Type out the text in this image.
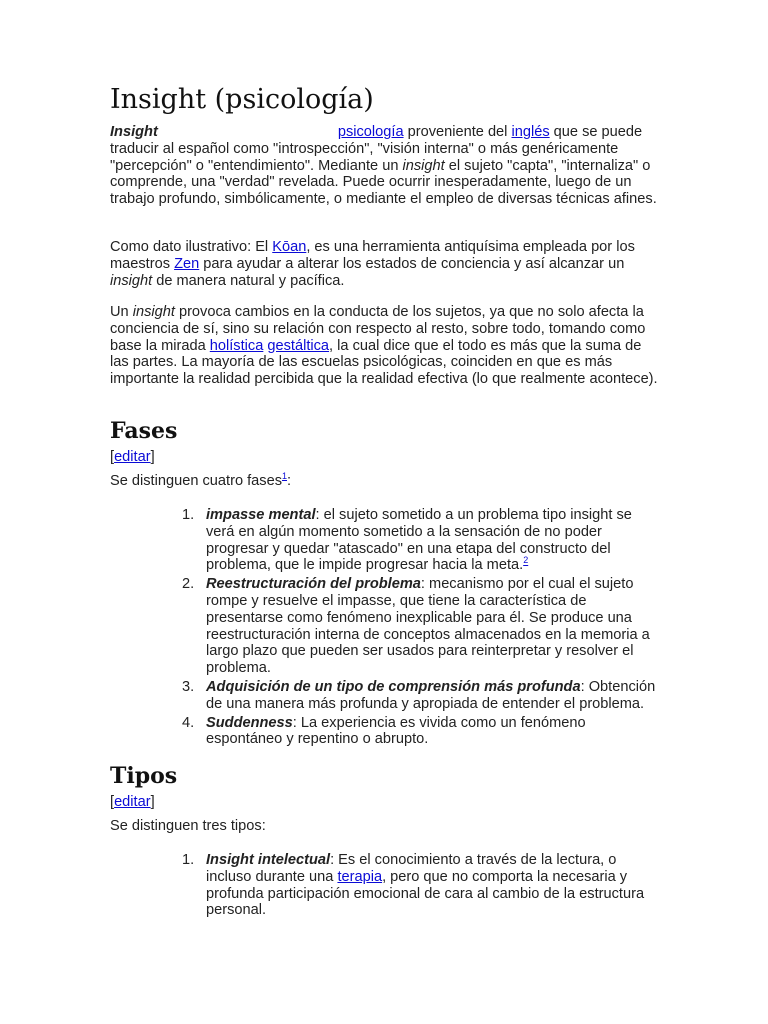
Insight (psicología)

Insight	psicología proveniente del inglés que se puede traducir al español como "introspección", "visión interna" o más genéricamente "percepción" o "entendimiento". Mediante un insight el sujeto "capta", "internaliza" o comprende, una "verdad" revelada. Puede ocurrir inesperadamente, luego de un trabajo profundo, simbólicamente, o mediante el empleo de diversas técnicas afines.

Como dato ilustrativo: El Kōan, es una herramienta antiquísima empleada por los maestros Zen para ayudar a alterar los estados de conciencia y así alcanzar un insight de manera natural y pacífica.

Un insight provoca cambios en la conducta de los sujetos, ya que no solo afecta la conciencia de sí, sino su relación con respecto al resto, sobre todo, tomando como base la mirada holística gestáltica, la cual dice que el todo es más que la suma de las partes. La mayoría de las escuelas psicológicas, coinciden en que es más importante la realidad percibida que la realidad efectiva (lo que realmente acontece).

Fases
[editar]

Se distinguen cuatro fases$^1$:

1. impasse mental: el sujeto sometido a un problema tipo insight se verá en algún momento sometido a la sensación de no poder progresar y quedar "atascado" en una etapa del constructo del problema, que le impide progresar hacia la meta.$^2$
2. Reestructuración del problema: mecanismo por el cual el sujeto rompe y resuelve el impasse, que tiene la característica de presentarse como fenómeno inexplicable para él. Se produce una reestructuración interna de conceptos almacenados en la memoria a largo plazo que pueden ser usados para reinterpretar y resolver el problema.
3. Adquisición de un tipo de comprensión más profunda: Obtención de una manera más profunda y apropiada de entender el problema.
4. Suddenness: La experiencia es vivida como un fenómeno espontáneo y repentino o abrupto.
Tipos
[editar]

Se distinguen tres tipos:

1. Insight intelectual: Es el conocimiento a través de la lectura, o incluso durante una terapia, pero que no comporta la necesaria y profunda participación emocional de cara al cambio de la estructura personal.
